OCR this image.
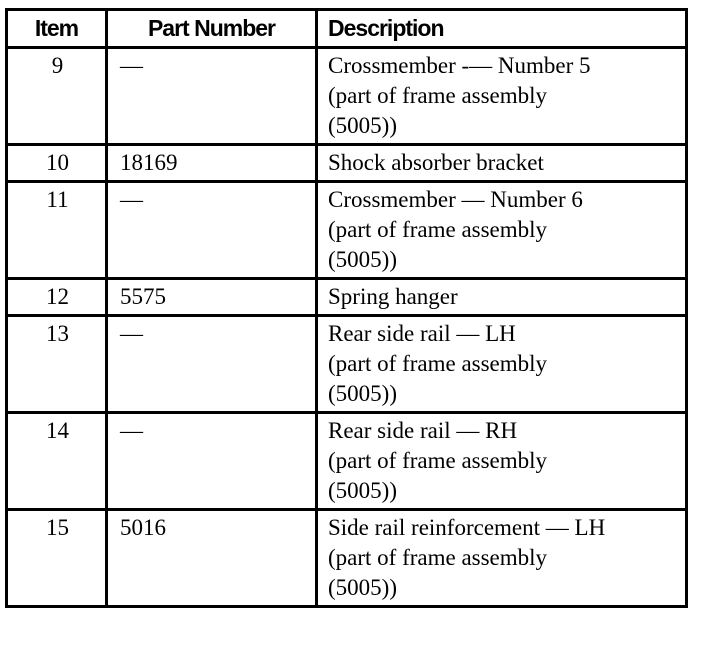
Item	Part Number	Description
9	—	Crossmember -— Number 5
(part of frame assembly
(5005))

10	18169	Shock absorber bracket

11	—	Crossmember — Number 6
(part of frame assembly
(5005))

12	5575	Spring hanger

13	—	Rear side rail — LH
(part of frame assembly
(5005))

14	—	Rear side rail — RH
(part of frame assembly
(5005))

15	5016	Side rail reinforcement — LH
(part of frame assembly
(5005))
